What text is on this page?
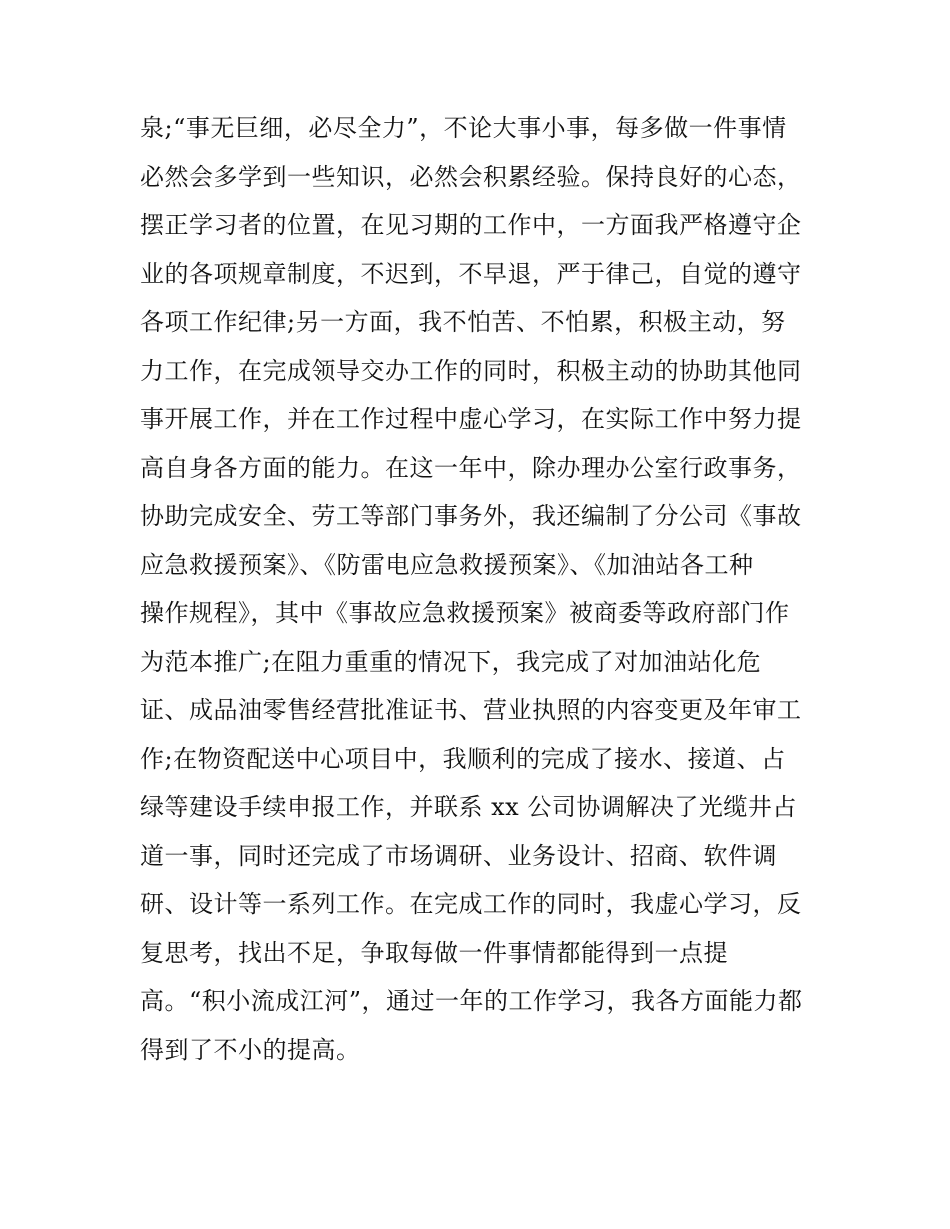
泉;“事无巨细，必尽全力”，不论大事小事，每多做一件事情
必然会多学到一些知识，必然会积累经验。保持良好的心态，
摆正学习者的位置，在见习期的工作中，一方面我严格遵守企
业的各项规章制度，不迟到，不早退，严于律己，自觉的遵守
各项工作纪律;另一方面，我不怕苦、不怕累，积极主动，努
力工作，在完成领导交办工作的同时，积极主动的协助其他同
事开展工作，并在工作过程中虚心学习，在实际工作中努力提
高自身各方面的能力。在这一年中，除办理办公室行政事务，
协助完成安全、劳工等部门事务外，我还编制了分公司《事故
应急救援预案》、《防雷电应急救援预案》、《加油站各工种
操作规程》，其中《事故应急救援预案》被商委等政府部门作
为范本推广;在阻力重重的情况下，我完成了对加油站化危
证、成品油零售经营批准证书、营业执照的内容变更及年审工
作;在物资配送中心项目中，我顺利的完成了接水、接道、占
绿等建设手续申报工作，并联系 xx 公司协调解决了光缆井占
道一事，同时还完成了市场调研、业务设计、招商、软件调
研、设计等一系列工作。在完成工作的同时，我虚心学习，反
复思考，找出不足，争取每做一件事情都能得到一点提
高。“积小流成江河”，通过一年的工作学习，我各方面能力都
得到了不小的提高。
